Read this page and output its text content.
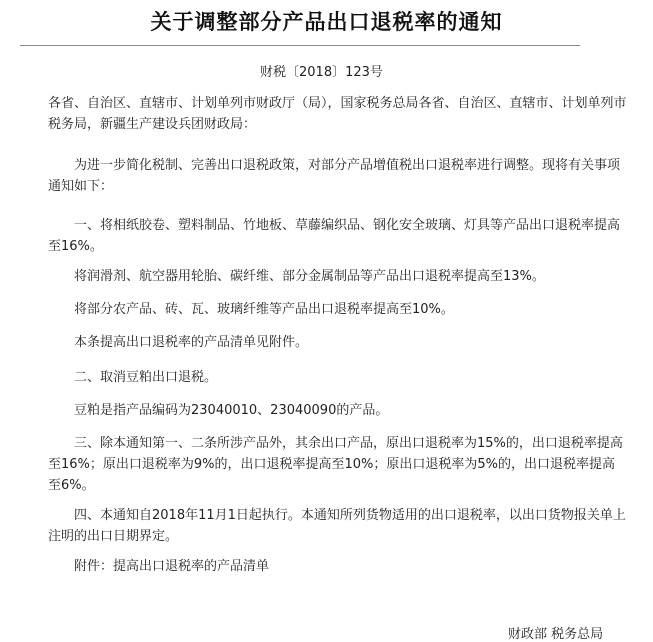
关于调整部分产品出口退税率的通知
财税〔2018〕123号

各省、自治区、直辖市、计划单列市财政厅（局），国家税务总局各省、自治区、直辖市、计划单列市税务局，新疆生产建设兵团财政局：

为进一步简化税制、完善出口退税政策，对部分产品增值税出口退税率进行调整。现将有关事项通知如下：

一、将相纸胶卷、塑料制品、竹地板、草藤编织品、钢化安全玻璃、灯具等产品出口退税率提高至16%。

将润滑剂、航空器用轮胎、碳纤维、部分金属制品等产品出口退税率提高至13%。

将部分农产品、砖、瓦、玻璃纤维等产品出口退税率提高至10%。

本条提高出口退税率的产品清单见附件。

二、取消豆粕出口退税。

豆粕是指产品编码为23040010、23040090的产品。

三、除本通知第一、二条所涉产品外，其余出口产品，原出口退税率为15%的，出口退税率提高至16%；原出口退税率为9%的，出口退税率提高至10%；原出口退税率为5%的，出口退税率提高至6%。

四、本通知自2018年11月1日起执行。本通知所列货物适用的出口退税率，以出口货物报关单上注明的出口日期界定。

附件：提高出口退税率的产品清单

财政部 税务总局
